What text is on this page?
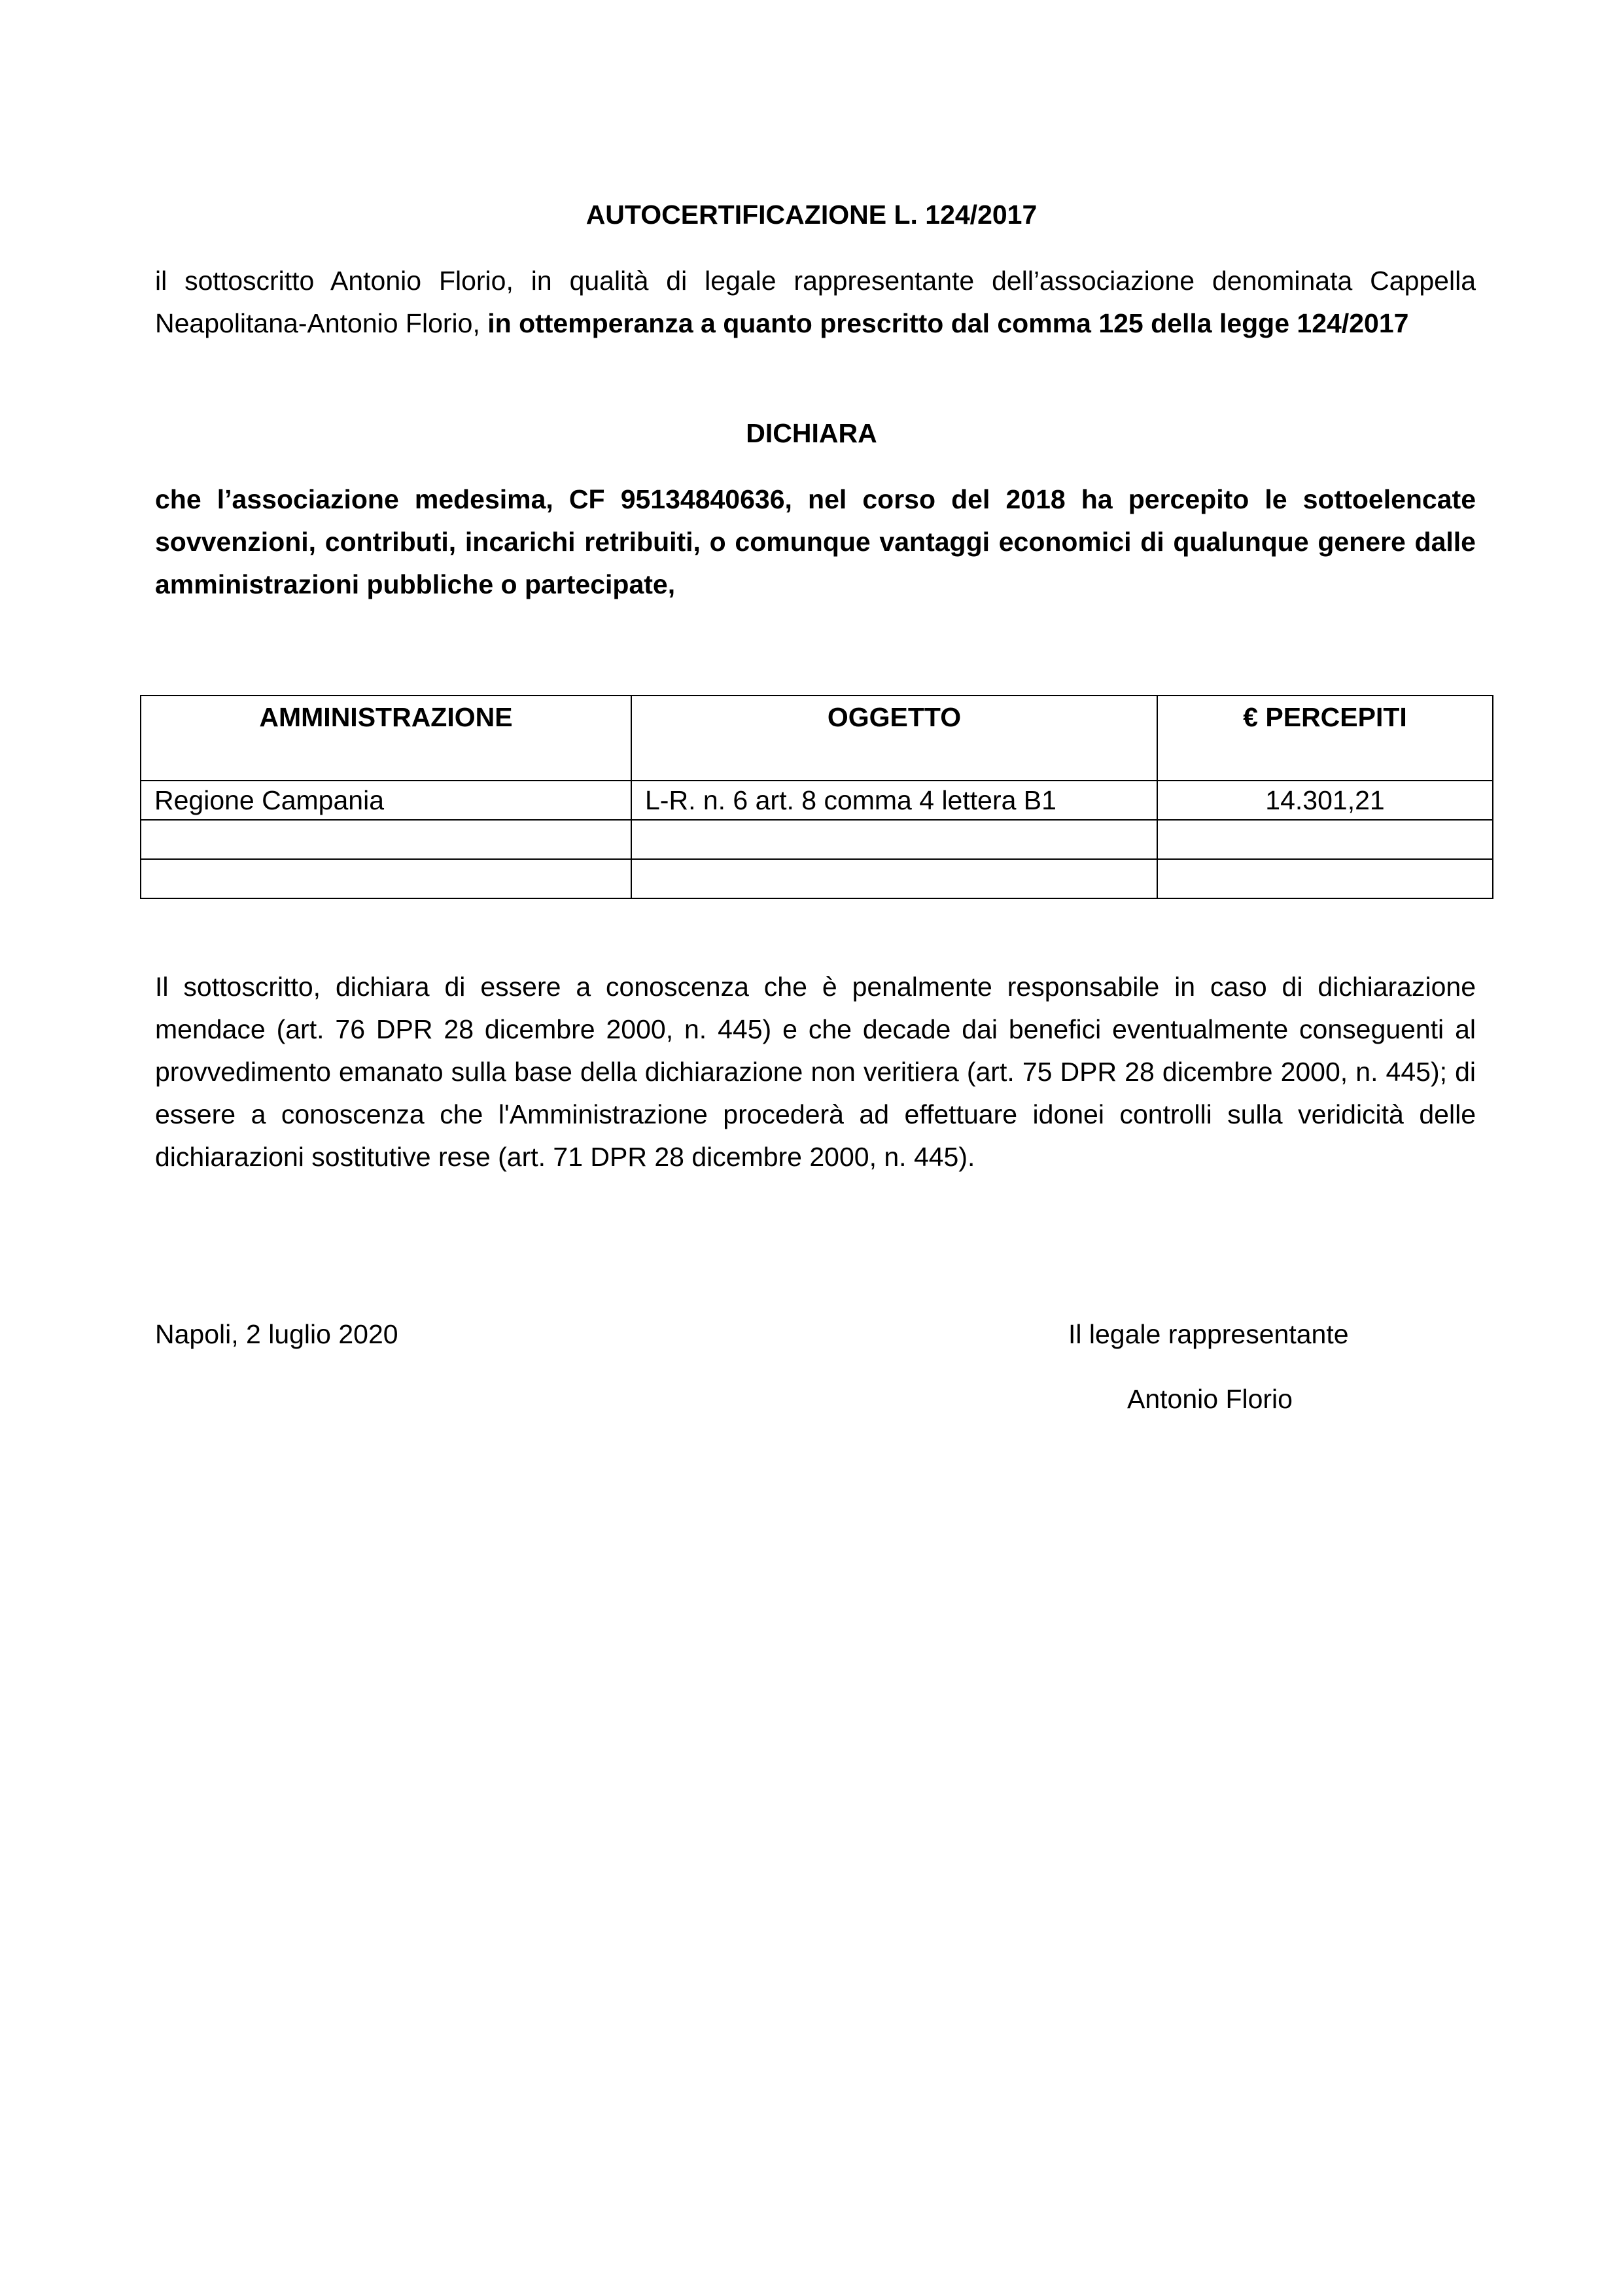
AUTOCERTIFICAZIONE L. 124/2017
il sottoscritto Antonio Florio, in qualità di legale rappresentante dell’associazione denominata Cappella Neapolitana-Antonio Florio, in ottemperanza a quanto prescritto dal comma 125 della legge 124/2017
DICHIARA
che l’associazione medesima, CF 95134840636, nel corso del 2018 ha percepito le sottoelencate sovvenzioni, contributi, incarichi retribuiti, o comunque vantaggi economici di qualunque genere dalle amministrazioni pubbliche o partecipate,
AMMINISTRAZIONE	OGGETTO	€ PERCEPITI
Regione Campania	L-R. n. 6 art. 8 comma 4 lettera B1	14.301,21

Il sottoscritto, dichiara di essere a conoscenza che è penalmente responsabile in caso di dichiarazione mendace (art. 76 DPR 28 dicembre 2000, n. 445) e che decade dai benefici eventualmente conseguenti al provvedimento emanato sulla base della dichiarazione non veritiera (art. 75 DPR 28 dicembre 2000, n. 445); di essere a conoscenza che l'Amministrazione procederà ad effettuare idonei controlli sulla veridicità delle dichiarazioni sostitutive rese (art. 71 DPR 28 dicembre 2000, n. 445).
Napoli, 2 luglio 2020	Il legale rappresentante
Antonio Florio
